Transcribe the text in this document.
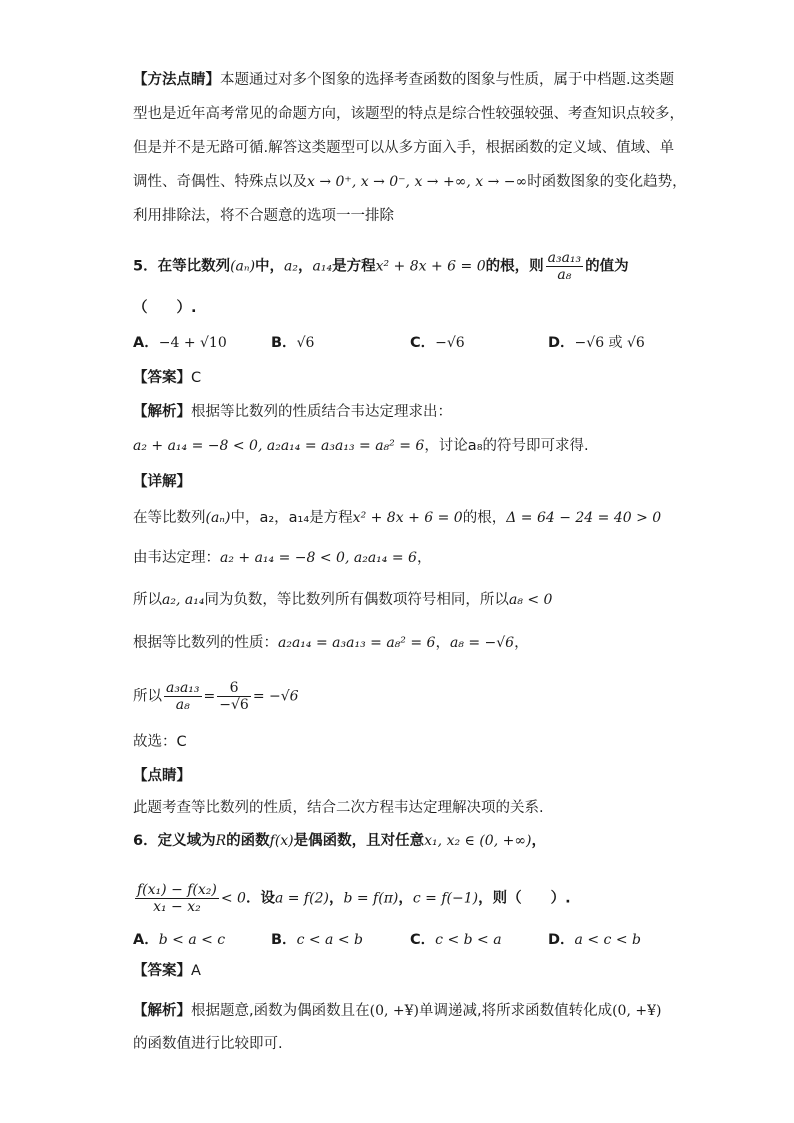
【方法点睛】本题通过对多个图象的选择考查函数的图象与性质，属于中档题.这类题
型也是近年高考常见的命题方向，该题型的特点是综合性较强较强、考查知识点较多，
但是并不是无路可循.解答这类题型可以从多方面入手，根据函数的定义域、值域、单
调性、奇偶性、特殊点以及x → 0⁺, x → 0⁻, x → +∞, x → −∞时函数图象的变化趋势，
利用排除法，将不合题意的选项一一排除
5．在等比数列(aₙ)中，a₂，a₁₄是方程x² + 8x + 6 = 0的根，则 $\frac{\text{a₃a₁₃}}{\text{a₈}}$ 的值为
（　　）.
A．−4 + √10	B．√6	C．−√6	D．−√6 或 √6
【答案】C
【解析】根据等比数列的性质结合韦达定理求出：
a₂ + a₁₄ = −8 < 0, a₂a₁₄ = a₃a₁₃ = a₈² = 6，讨论a₈的符号即可求得.
【详解】
在等比数列(aₙ)中，a₂，a₁₄是方程x² + 8x + 6 = 0的根，Δ = 64 − 24 = 40 > 0
由韦达定理：a₂ + a₁₄ = −8 < 0, a₂a₁₄ = 6，
所以a₂, a₁₄同为负数，等比数列所有偶数项符号相同，所以a₈ < 0
根据等比数列的性质：a₂a₁₄ = a₃a₁₃ = a₈² = 6，a₈ = −√6，
所以 $\frac{\text{a₃a₁₃}}{\text{a₈}} = \frac{6}{-√6} = -√6$
故选：C
【点睛】
此题考查等比数列的性质，结合二次方程韦达定理解决项的关系.
6．定义域为R的函数f(x)是偶函数，且对任意x₁, x₂ ∈ (0, +∞)，
$\frac{\text{f(x₁) − f(x₂)}}{\text{x₁ − x₂}} < 0$．设a = f(2)，b = f(π)，c = f(−1)，则（　　）.
A．b < a < c	B．c < a < b	C．c < b < a	D．a < c < b
【答案】A
【解析】根据题意,函数为偶函数且在(0, +¥)单调递减,将所求函数值转化成(0, +¥)
的函数值进行比较即可.
